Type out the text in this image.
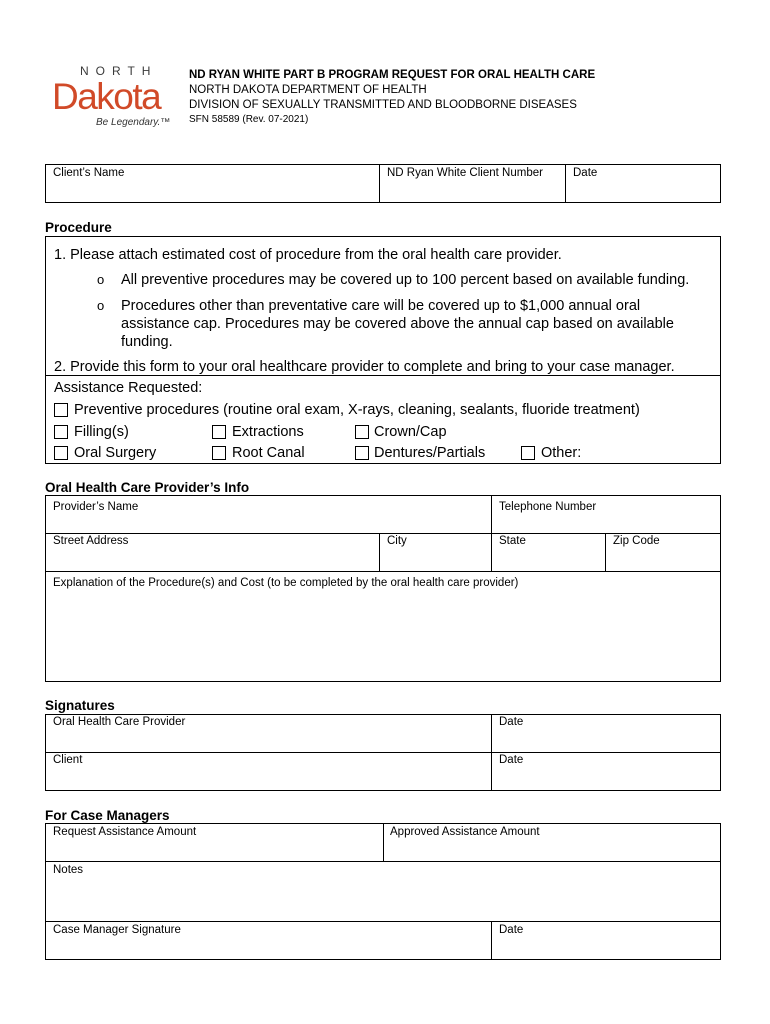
NORTH
Dakota
Be Legendary.™
ND RYAN WHITE PART B PROGRAM REQUEST FOR ORAL HEALTH CARE
NORTH DAKOTA DEPARTMENT OF HEALTH
DIVISION OF SEXUALLY TRANSMITTED AND BLOODBORNE DISEASES
SFN 58589 (Rev. 07-2021)
Client’s Name	ND Ryan White Client Number	Date
Procedure
1. Please attach estimated cost of procedure from the oral health care provider.
o All preventive procedures may be covered up to 100 percent based on available funding.
o Procedures other than preventative care will be covered up to $1,000 annual oral
assistance cap. Procedures may be covered above the annual cap based on available
funding.
2. Provide this form to your oral healthcare provider to complete and bring to your case manager.
Assistance Requested:
Preventive procedures (routine oral exam, X-rays, cleaning, sealants, fluoride treatment)
Filling(s)	Extractions	Crown/Cap
Oral Surgery	Root Canal	Dentures/Partials	Other:
Oral Health Care Provider’s Info
Provider’s Name	Telephone Number
Street Address	City	State	Zip Code
Explanation of the Procedure(s) and Cost (to be completed by the oral health care provider)
Signatures
Oral Health Care Provider	Date
Client	Date
For Case Managers
Request Assistance Amount	Approved Assistance Amount
Notes
Case Manager Signature	Date
